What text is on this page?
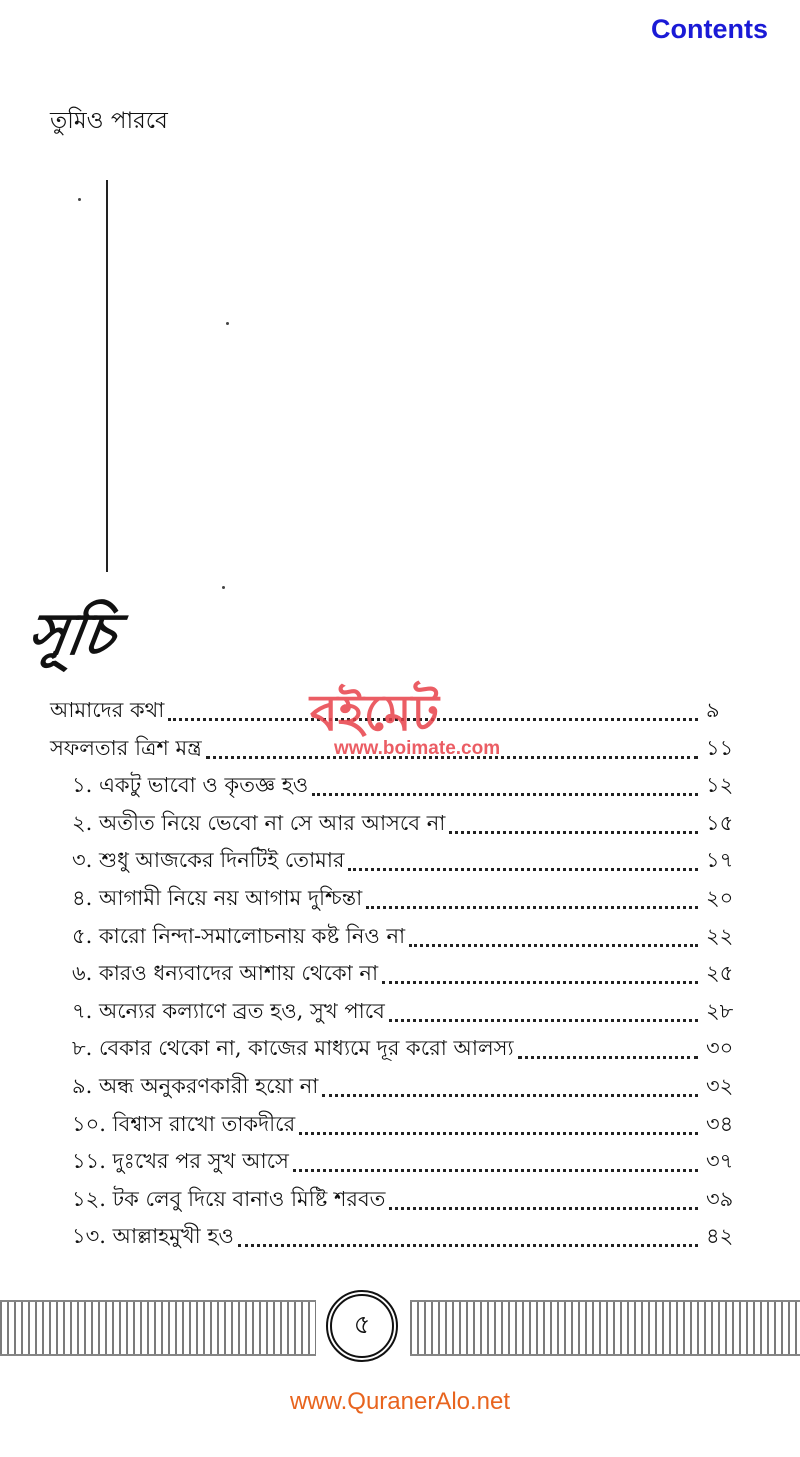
Contents
তুমিও পারবে
সূচি
আমাদের কথা	৯
সফলতার ত্রিশ মন্ত্র	১১
১. একটু ভাবো ও কৃতজ্ঞ হও	১২
২. অতীত নিয়ে ভেবো না সে আর আসবে না	১৫
৩. শুধু আজকের দিনটিই তোমার	১৭
৪. আগামী নিয়ে নয় আগাম দুশ্চিন্তা	২০
৫. কারো নিন্দা-সমালোচনায় কষ্ট নিও না	২২
৬. কারও ধন্যবাদের আশায় থেকো না	২৫
৭. অন্যের কল্যাণে ব্রত হও, সুখ পাবে	২৮
৮. বেকার থেকো না, কাজের মাধ্যমে দূর করো আলস্য	৩০
৯. অন্ধ অনুকরণকারী হয়ো না	৩২
১০. বিশ্বাস রাখো তাকদীরে	৩৪
১১. দুঃখের পর সুখ আসে	৩৭
১২. টক লেবু দিয়ে বানাও মিষ্টি শরবত	৩৯
১৩. আল্লাহমুখী হও	৪২
বইমেট
www.boimate.com
৫
www.QuranerAlo.net
